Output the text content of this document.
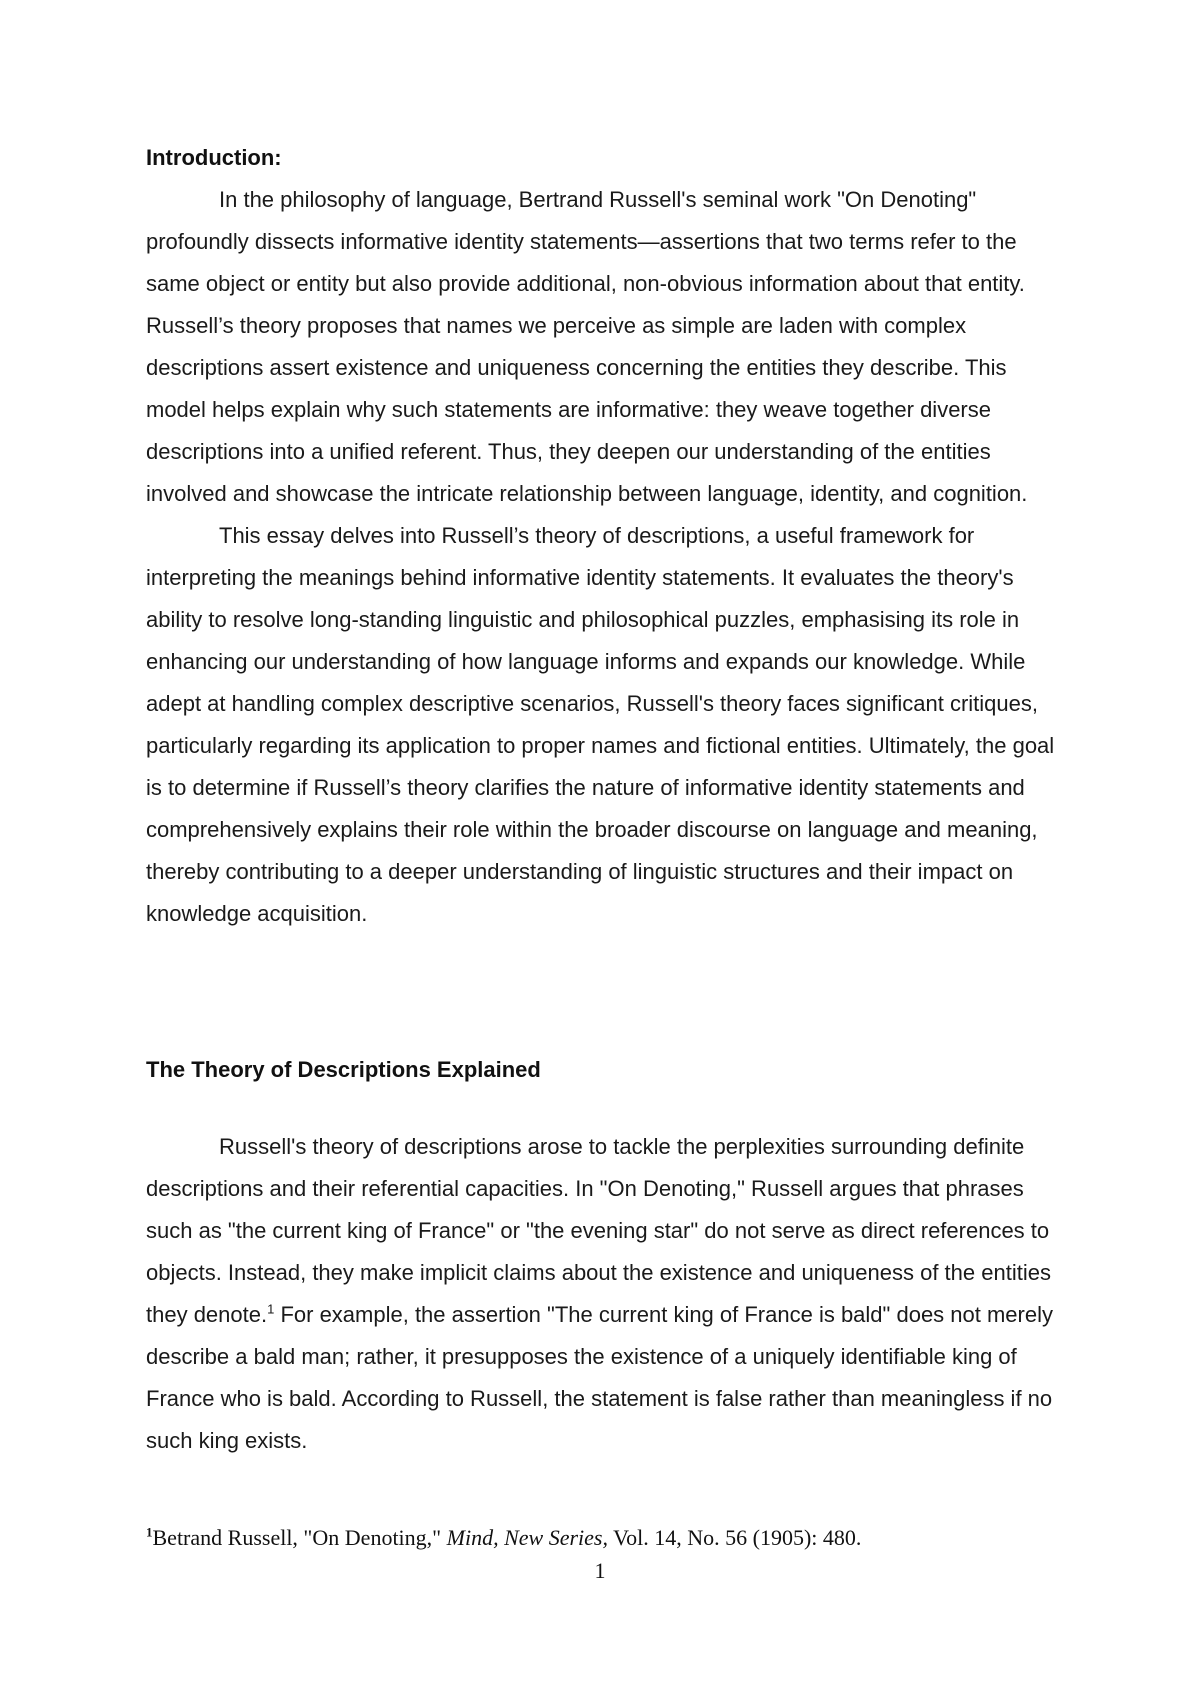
Introduction:

In the philosophy of language, Bertrand Russell's seminal work "On Denoting" profoundly dissects informative identity statements—assertions that two terms refer to the same object or entity but also provide additional, non-obvious information about that entity. Russell’s theory proposes that names we perceive as simple are laden with complex descriptions assert existence and uniqueness concerning the entities they describe. This model helps explain why such statements are informative: they weave together diverse descriptions into a unified referent. Thus, they deepen our understanding of the entities involved and showcase the intricate relationship between language, identity, and cognition.

This essay delves into Russell’s theory of descriptions, a useful framework for interpreting the meanings behind informative identity statements. It evaluates the theory's ability to resolve long-standing linguistic and philosophical puzzles, emphasising its role in enhancing our understanding of how language informs and expands our knowledge. While adept at handling complex descriptive scenarios, Russell's theory faces significant critiques, particularly regarding its application to proper names and fictional entities. Ultimately, the goal is to determine if Russell’s theory clarifies the nature of informative identity statements and comprehensively explains their role within the broader discourse on language and meaning, thereby contributing to a deeper understanding of linguistic structures and their impact on knowledge acquisition.

The Theory of Descriptions Explained

Russell's theory of descriptions arose to tackle the perplexities surrounding definite descriptions and their referential capacities. In "On Denoting," Russell argues that phrases such as "the current king of France" or "the evening star" do not serve as direct references to objects. Instead, they make implicit claims about the existence and uniqueness of the entities they denote.$^1$ For example, the assertion "The current king of France is bald" does not merely describe a bald man; rather, it presupposes the existence of a uniquely identifiable king of France who is bald. According to Russell, the statement is false rather than meaningless if no such king exists.

$^1$Betrand Russell, "On Denoting," Mind, New Series, Vol. 14, No. 56 (1905): 480.
1
